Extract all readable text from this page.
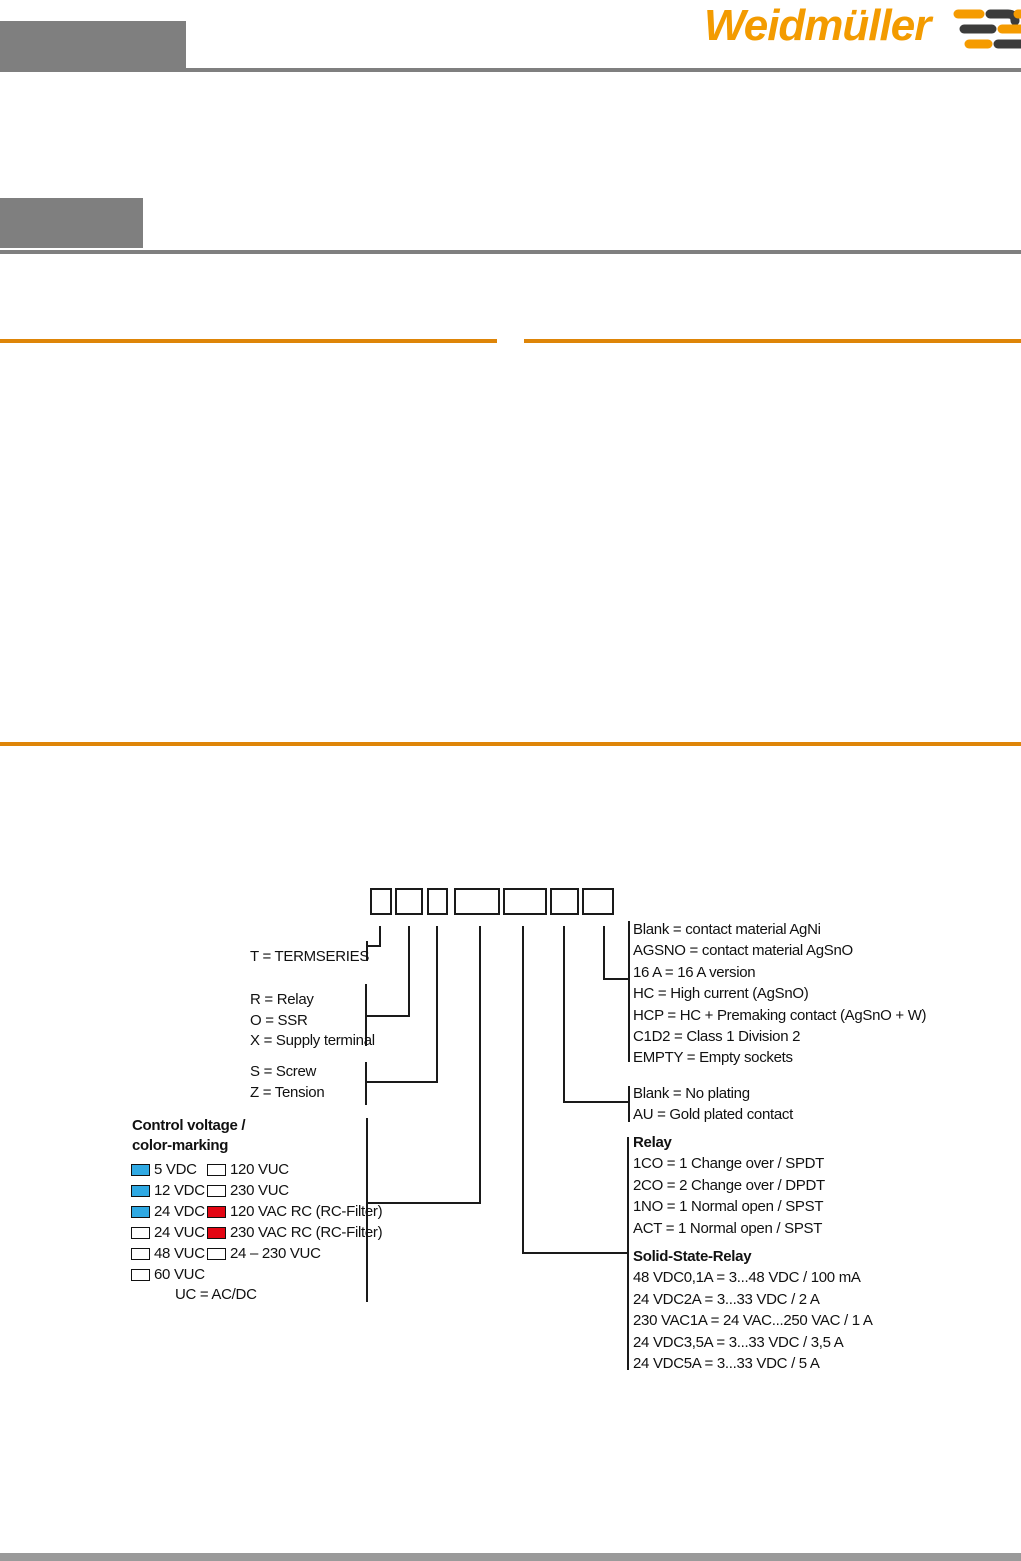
Weidmüller
T = TERMSERIES
R = Relay
O = SSR
X = Supply terminal
S = Screw
Z = Tension
Blank = contact material AgNi
AGSNO = contact material AgSnO
16 A = 16 A version
HC = High current (AgSnO)
HCP = HC + Premaking contact (AgSnO + W)
C1D2 = Class 1 Division 2
EMPTY = Empty sockets
Blank = No plating
AU = Gold plated contact
Relay
1CO = 1 Change over / SPDT
2CO = 2 Change over / DPDT
1NO = 1 Normal open / SPST
ACT = 1 Normal open / SPST
Solid-State-Relay
48 VDC0,1A = 3...48 VDC / 100 mA
24 VDC2A = 3...33 VDC / 2 A
230 VAC1A = 24 VAC...250 VAC / 1 A
24 VDC3,5A = 3...33 VDC / 3,5 A
24 VDC5A = 3...33 VDC / 5 A
Control voltage /
color-marking
5 VDC	120 VUC
12 VDC 230 VUC
24 VDC 120 VAC RC (RC-Filter)
24 VUC 230 VAC RC (RC-Filter)
48 VUC 24 – 230 VUC
60 VUC
UC = AC/DC
